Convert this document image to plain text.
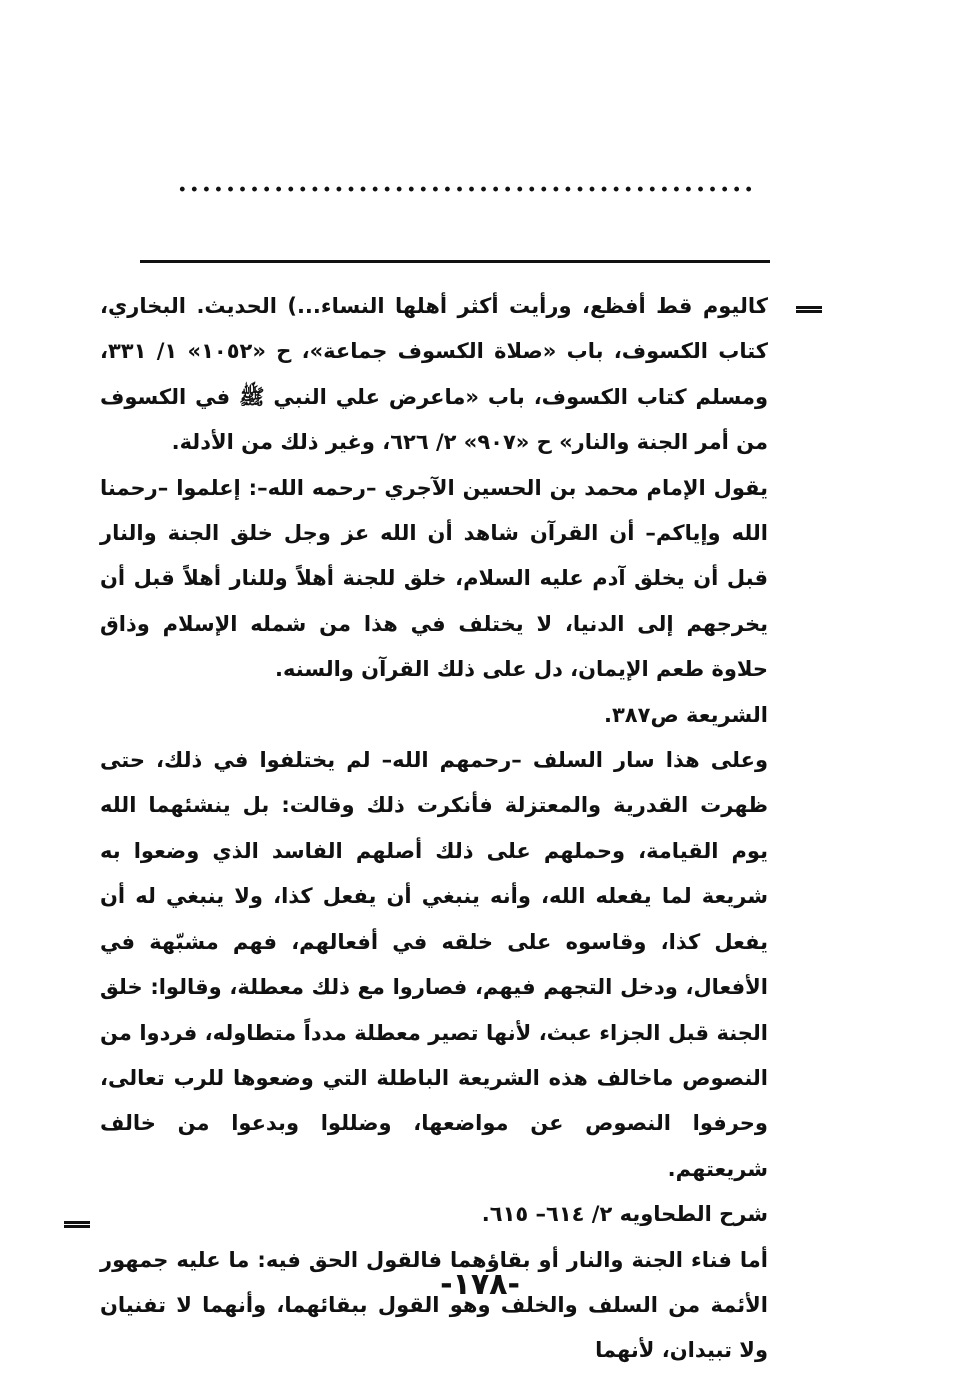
................................................

كاليوم قط أفظع، ورأيت أكثر أهلها النساء...) الحديث. البخاري، كتاب الكسوف، باب «صلاة الكسوف جماعة»، ح «١٠٥٢» ١/ ٣٣١، ومسلم كتاب الكسوف، باب «ماعرض علي النبي ﷺ في الكسوف من أمر الجنة والنار» ح «٩٠٧» ٢/ ٦٢٦، وغير ذلك من الأدلة.

يقول الإمام محمد بن الحسين الآجري –رحمه الله–: إعلموا –رحمنا الله وإياكم– أن القرآن شاهد أن الله عز وجل خلق الجنة والنار قبل أن يخلق آدم عليه السلام، خلق للجنة أهلاً وللنار أهلاً قبل أن يخرجهم إلى الدنيا، لا يختلف في هذا من شمله الإسلام وذاق حلاوة طعم الإيمان، دل على ذلك القرآن والسنه.

الشريعة ص٣٨٧.

وعلى هذا سار السلف –رحمهم الله– لم يختلفوا في ذلك، حتى ظهرت القدرية والمعتزلة فأنكرت ذلك وقالت: بل ينشئهما الله يوم القيامة، وحملهم على ذلك أصلهم الفاسد الذي وضعوا به شريعة لما يفعله الله، وأنه ينبغي أن يفعل كذا، ولا ينبغي له أن يفعل كذا، وقاسوه على خلقه في أفعالهم، فهم مشبّهة في الأفعال، ودخل التجهم فيهم، فصاروا مع ذلك معطلة، وقالوا: خلق الجنة قبل الجزاء عبث، لأنها تصير معطلة مدداً متطاوله، فردوا من النصوص ماخالف هذه الشريعة الباطلة التي وضعوها للرب تعالى، وحرفوا النصوص عن مواضعها، وضللوا وبدعوا من خالف شريعتهم.

شرح الطحاويه ٢/ ٦١٤– ٦١٥.

أما فناء الجنة والنار أو بقاؤهما فالقول الحق فيه: ما عليه جمهور الأئمة من السلف والخلف وهو القول ببقائهما، وأنهما لا تفنيان ولا تبيدان، لأنهما

-١٧٨-
